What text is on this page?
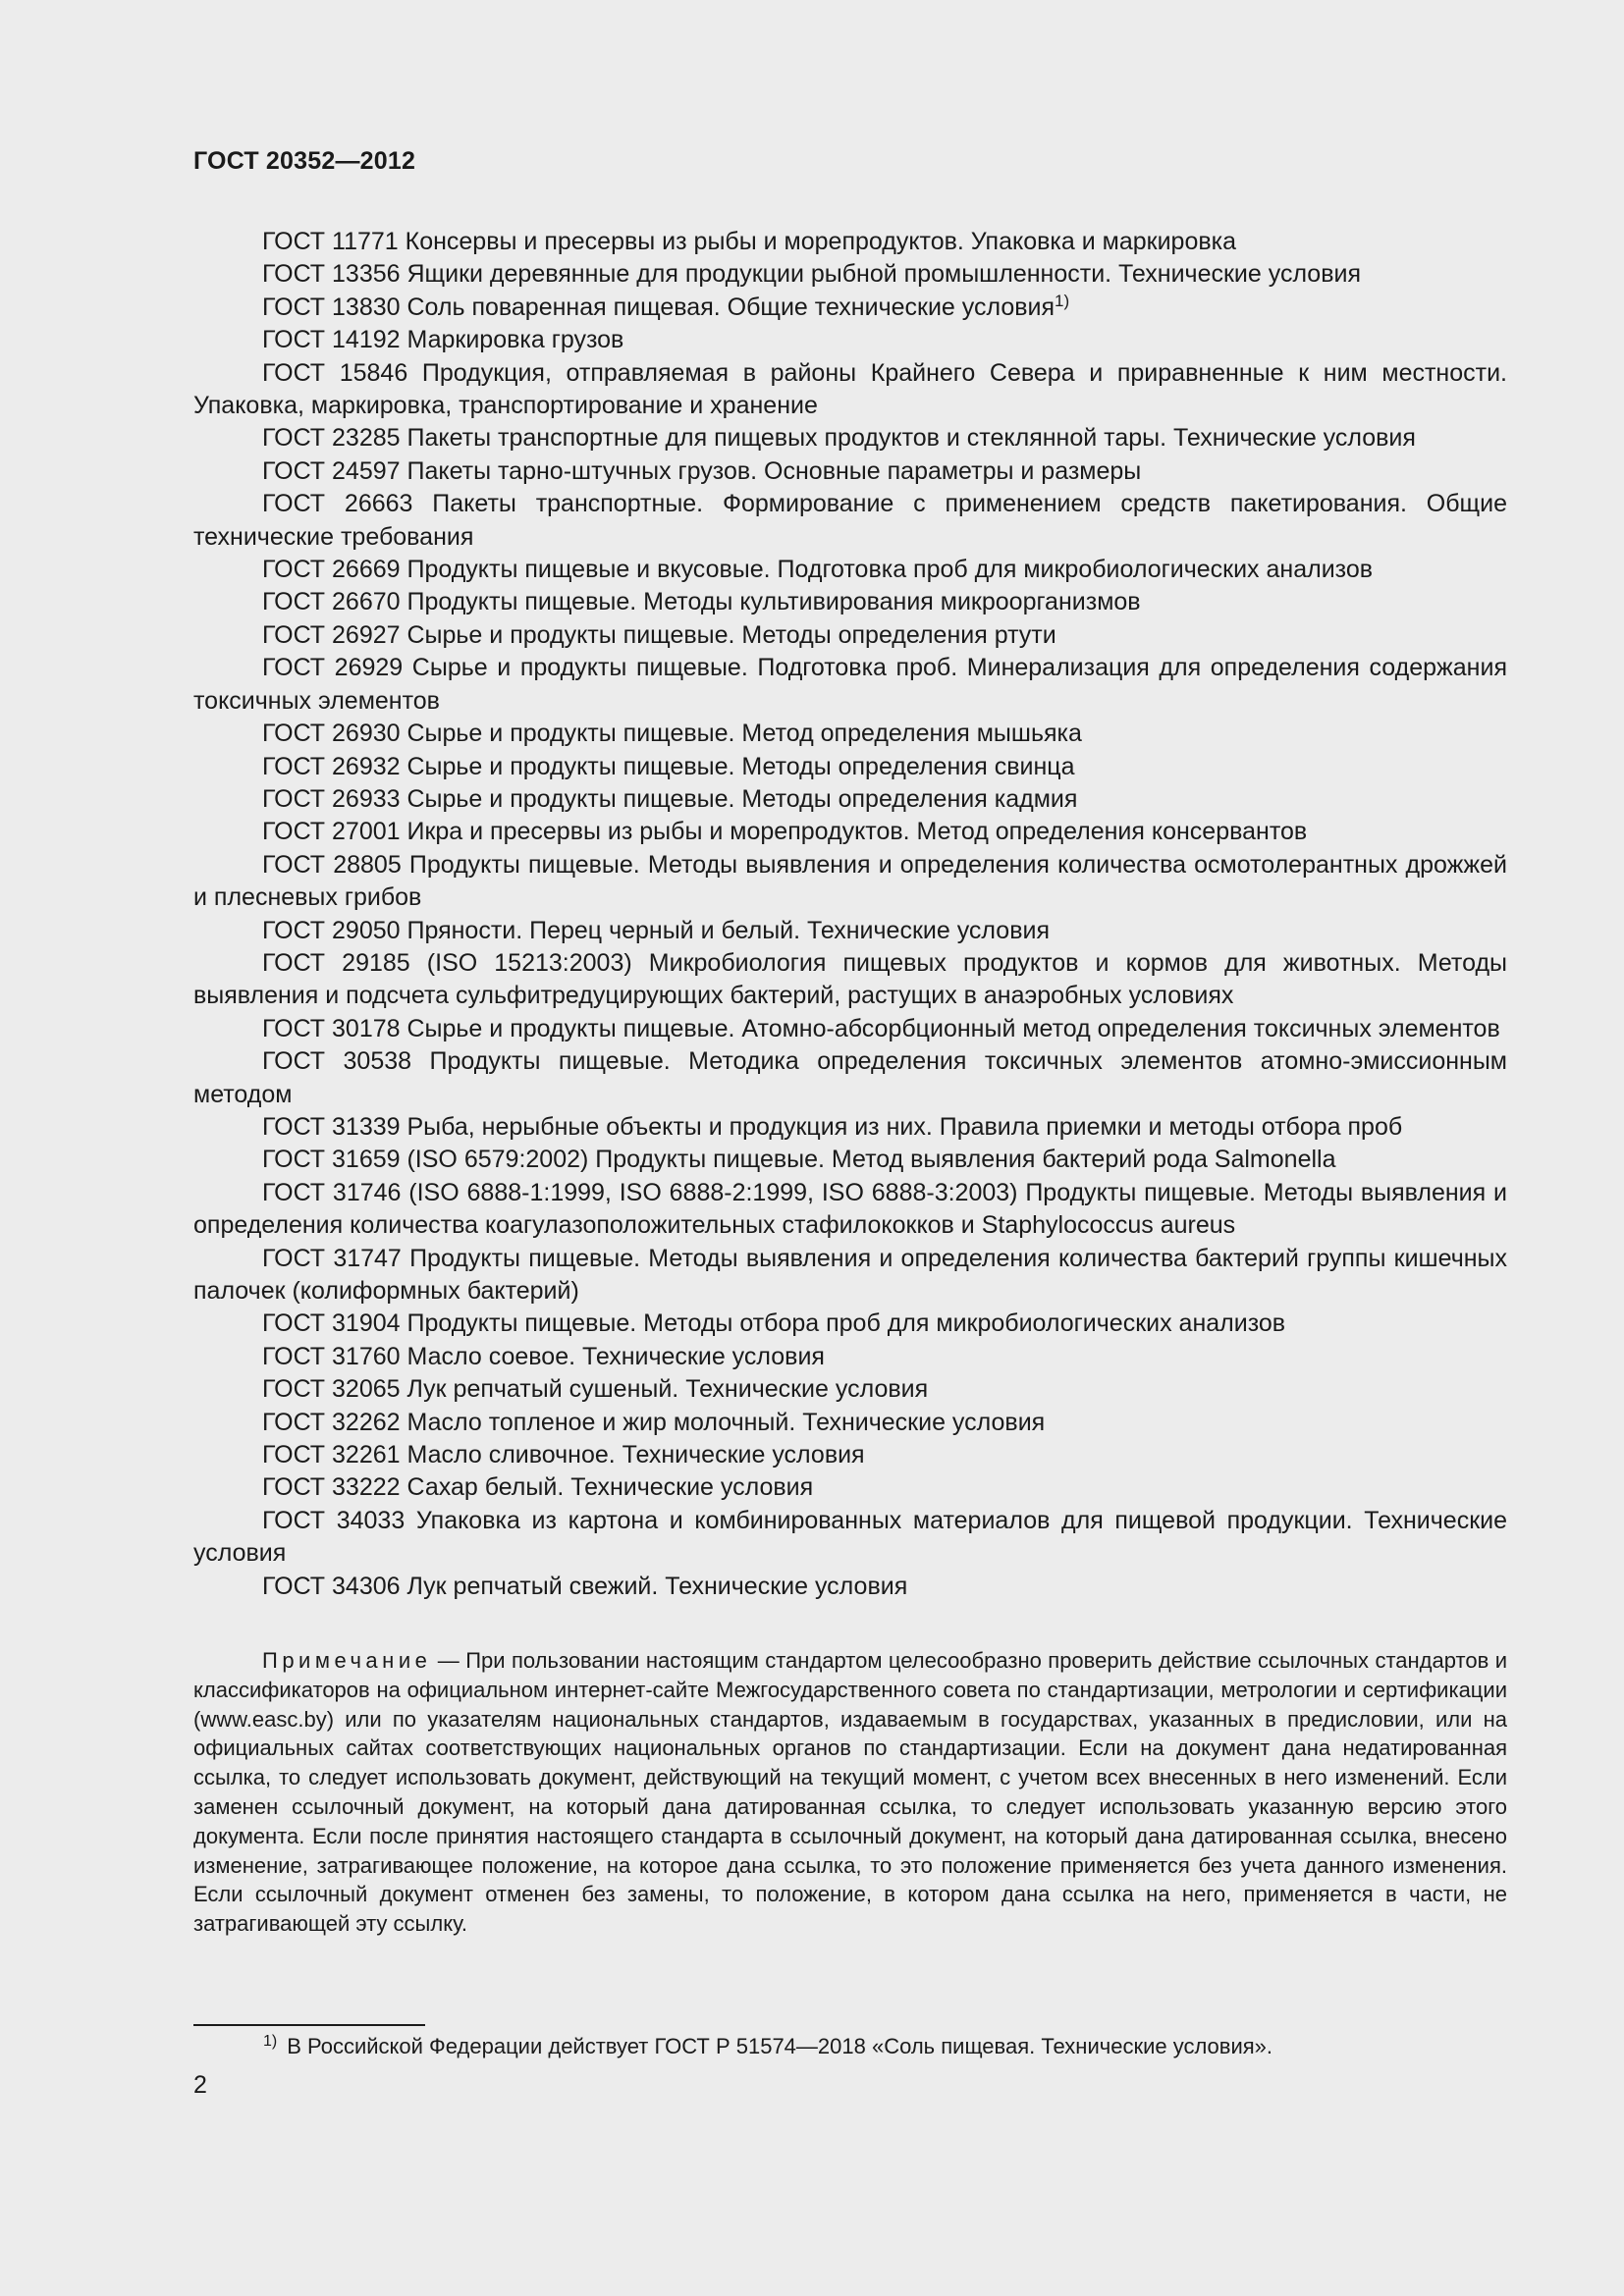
ГОСТ 20352—2012

ГОСТ 11771 Консервы и пресервы из рыбы и морепродуктов. Упаковка и маркировка

ГОСТ 13356 Ящики деревянные для продукции рыбной промышленности. Технические условия

ГОСТ 13830 Соль поваренная пищевая. Общие технические условия$^{1)}$

ГОСТ 14192 Маркировка грузов

ГОСТ 15846 Продукция, отправляемая в районы Крайнего Севера и приравненные к ним местности. Упаковка, маркировка, транспортирование и хранение

ГОСТ 23285 Пакеты транспортные для пищевых продуктов и стеклянной тары. Технические условия

ГОСТ 24597 Пакеты тарно-штучных грузов. Основные параметры и размеры

ГОСТ 26663 Пакеты транспортные. Формирование с применением средств пакетирования. Общие технические требования

ГОСТ 26669 Продукты пищевые и вкусовые. Подготовка проб для микробиологических анализов

ГОСТ 26670 Продукты пищевые. Методы культивирования микроорганизмов

ГОСТ 26927 Сырье и продукты пищевые. Методы определения ртути

ГОСТ 26929 Сырье и продукты пищевые. Подготовка проб. Минерализация для определения содержания токсичных элементов

ГОСТ 26930 Сырье и продукты пищевые. Метод определения мышьяка

ГОСТ 26932 Сырье и продукты пищевые. Методы определения свинца

ГОСТ 26933 Сырье и продукты пищевые. Методы определения кадмия

ГОСТ 27001 Икра и пресервы из рыбы и морепродуктов. Метод определения консервантов

ГОСТ 28805 Продукты пищевые. Методы выявления и определения количества осмотолерантных дрожжей и плесневых грибов

ГОСТ 29050 Пряности. Перец черный и белый. Технические условия

ГОСТ 29185 (ISO 15213:2003) Микробиология пищевых продуктов и кормов для животных. Методы выявления и подсчета сульфитредуцирующих бактерий, растущих в анаэробных условиях

ГОСТ 30178 Сырье и продукты пищевые. Атомно-абсорбционный метод определения токсичных элементов

ГОСТ 30538 Продукты пищевые. Методика определения токсичных элементов атомно-эмиссионным методом

ГОСТ 31339 Рыба, нерыбные объекты и продукция из них. Правила приемки и методы отбора проб

ГОСТ 31659 (ISO 6579:2002) Продукты пищевые. Метод выявления бактерий рода Salmonella

ГОСТ 31746 (ISO 6888-1:1999, ISO 6888-2:1999, ISO 6888-3:2003) Продукты пищевые. Методы выявления и определения количества коагулазоположительных стафилококков и Staphylococcus aureus

ГОСТ 31747 Продукты пищевые. Методы выявления и определения количества бактерий группы кишечных палочек (колиформных бактерий)

ГОСТ 31904 Продукты пищевые. Методы отбора проб для микробиологических анализов

ГОСТ 31760 Масло соевое. Технические условия

ГОСТ 32065 Лук репчатый сушеный. Технические условия

ГОСТ 32262 Масло топленое и жир молочный. Технические условия

ГОСТ 32261 Масло сливочное. Технические условия

ГОСТ 33222 Сахар белый. Технические условия

ГОСТ 34033 Упаковка из картона и комбинированных материалов для пищевой продукции. Технические условия

ГОСТ 34306 Лук репчатый свежий. Технические условия

Примечание — При пользовании настоящим стандартом целесообразно проверить действие ссылочных стандартов и классификаторов на официальном интернет-сайте Межгосударственного совета по стандартизации, метрологии и сертификации (www.easc.by) или по указателям национальных стандартов, издаваемым в государствах, указанных в предисловии, или на официальных сайтах соответствующих национальных органов по стандартизации. Если на документ дана недатированная ссылка, то следует использовать документ, действующий на текущий момент, с учетом всех внесенных в него изменений. Если заменен ссылочный документ, на который дана датированная ссылка, то следует использовать указанную версию этого документа. Если после принятия настоящего стандарта в ссылочный документ, на который дана датированная ссылка, внесено изменение, затрагивающее положение, на которое дана ссылка, то это положение применяется без учета данного изменения. Если ссылочный документ отменен без замены, то положение, в котором дана ссылка на него, применяется в части, не затрагивающей эту ссылку.

$^{1)}$ В Российской Федерации действует ГОСТ Р 51574—2018 «Соль пищевая. Технические условия».
2
